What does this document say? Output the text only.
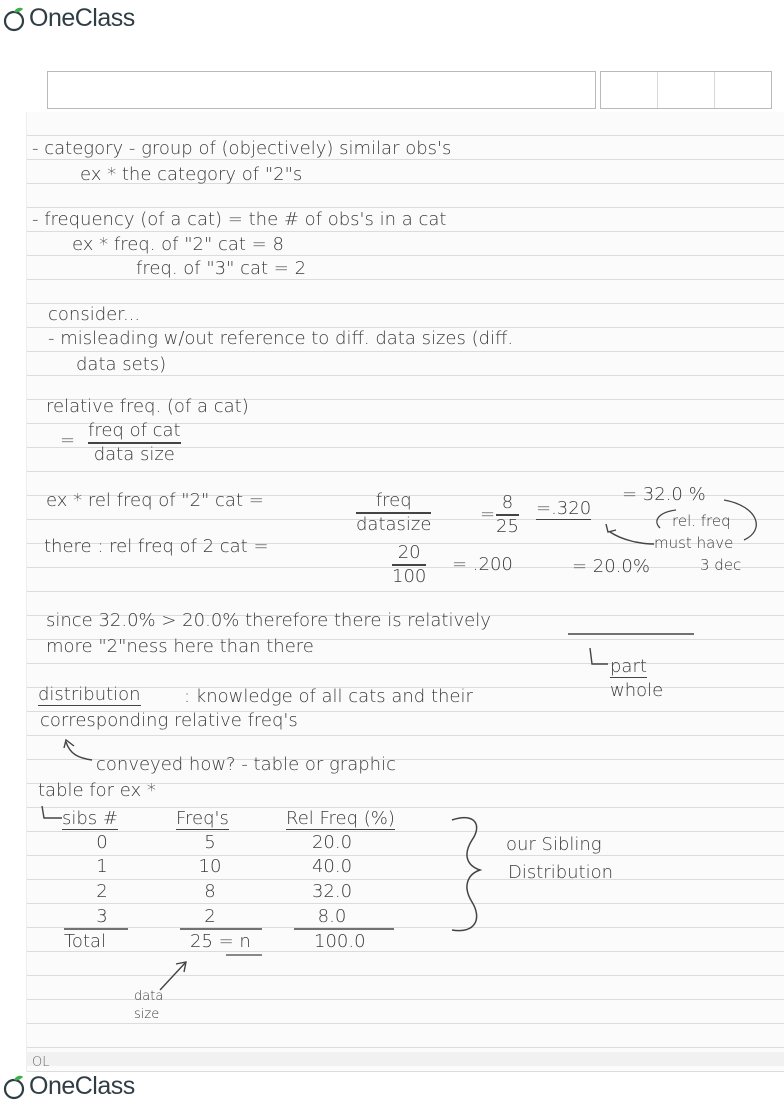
OneClass
- category - group of (objectively) similar obs's
ex * the category of "2"s
- frequency (of a cat) = the # of obs's in a cat
ex * freq. of "2" cat = 8
freq. of "3" cat = 2
consider...
- misleading w/out reference to diff. data sizes (diff.
data sets)
relative freq. (of a cat)
= freq of cat
data size
ex * rel freq of "2" cat =	freq
datasize	=
8
25
=.320
= 32.0 %
rel. freq
must have
3 dec
there : rel freq of 2 cat =	20
100
= .200	= 20.0%
since 32.0% > 20.0% therefore there is relatively
more "2"ness here than there
part
whole
distribution : knowledge of all cats and their
corresponding relative freq's
conveyed how? - table or graphic
table for ex *
sibs #	Freq's	Rel Freq (%)
0	5	20.0
1	10	40.0
2	8	32.0
3	2	8.0
Total	25 = n	100.0
our Sibling
Distribution
data
size
OL
OneClass
